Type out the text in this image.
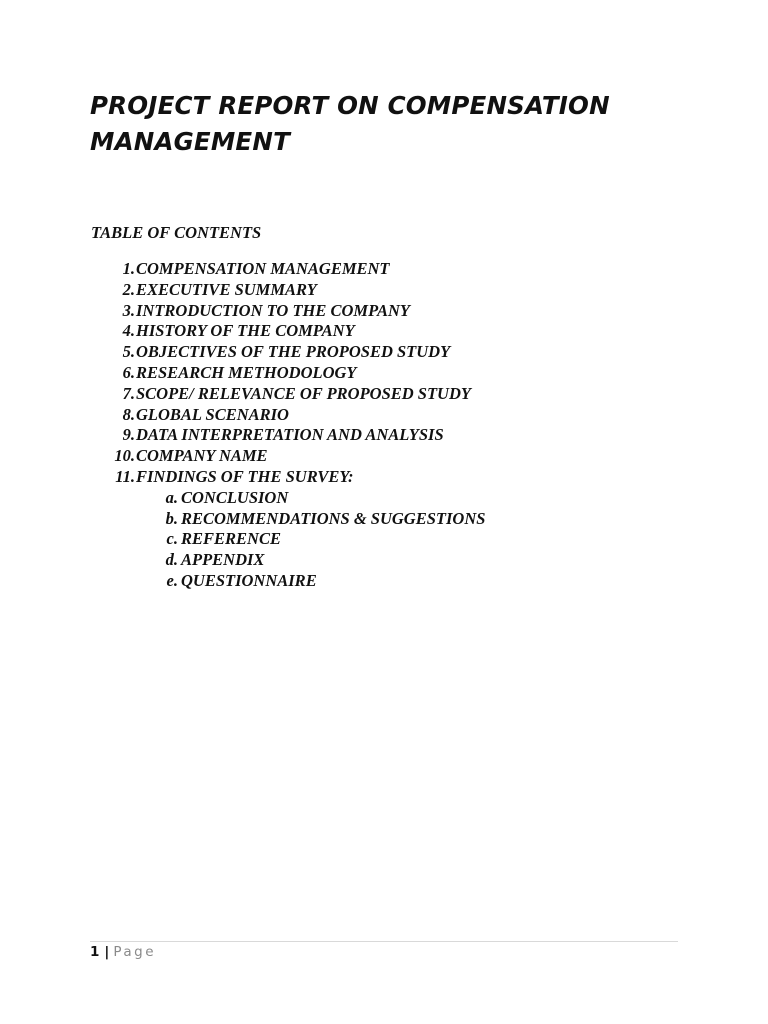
PROJECT REPORT ON COMPENSATION
MANAGEMENT
TABLE OF CONTENTS
1. COMPENSATION MANAGEMENT
2. EXECUTIVE SUMMARY
3. INTRODUCTION TO THE COMPANY
4. HISTORY OF THE COMPANY
5. OBJECTIVES OF THE PROPOSED STUDY
6. RESEARCH METHODOLOGY
7. SCOPE/ RELEVANCE OF PROPOSED STUDY
8. GLOBAL SCENARIO
9. DATA INTERPRETATION AND ANALYSIS
10. COMPANY NAME
11. FINDINGS OF THE SURVEY:
a. CONCLUSION
b. RECOMMENDATIONS & SUGGESTIONS
c. REFERENCE
d. APPENDIX
e. QUESTIONNAIRE
1 | Page
